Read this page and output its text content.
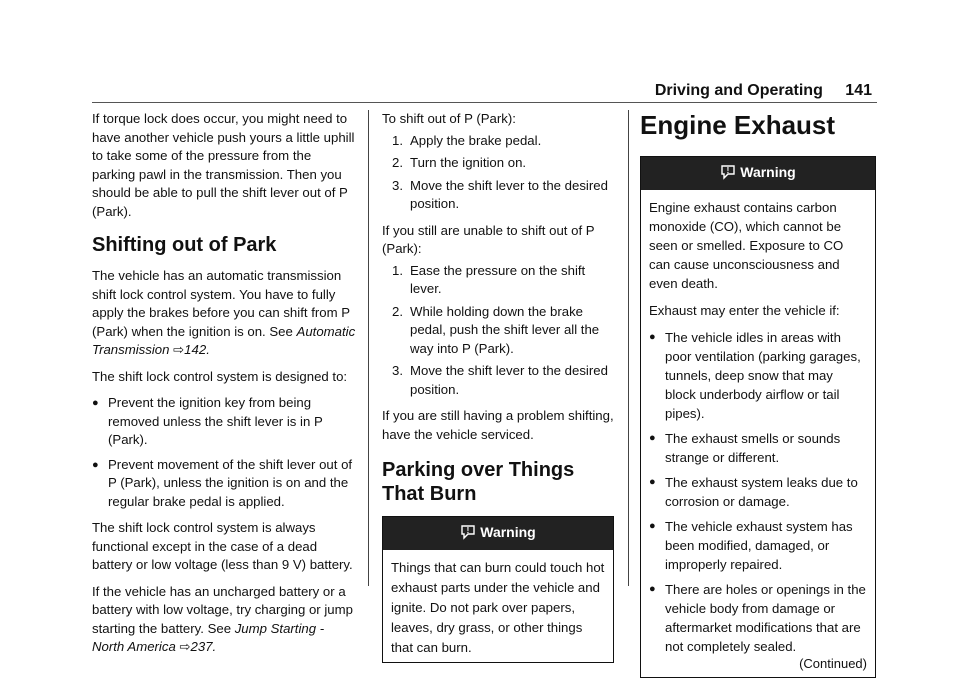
Driving and Operating 141

If torque lock does occur, you might need to have another vehicle push yours a little uphill to take some of the pressure from the parking pawl in the transmission. Then you should be able to pull the shift lever out of P (Park).

Shifting out of Park

The vehicle has an automatic transmission shift lock control system. You have to fully apply the brakes before you can shift from P (Park) when the ignition is on. See Automatic Transmission ⇨142.

The shift lock control system is designed to:

● Prevent the ignition key from being removed unless the shift lever is in P (Park).
● Prevent movement of the shift lever out of P (Park), unless the ignition is on and the regular brake pedal is applied.

The shift lock control system is always functional except in the case of a dead battery or low voltage (less than 9 V) battery.

If the vehicle has an uncharged battery or a battery with low voltage, try charging or jump starting the battery. See Jump Starting - North America ⇨237.

To shift out of P (Park):

1. Apply the brake pedal.
2. Turn the ignition on.
3. Move the shift lever to the desired position.

If you still are unable to shift out of P (Park):

1. Ease the pressure on the shift lever.
2. While holding down the brake pedal, push the shift lever all the way into P (Park).
3. Move the shift lever to the desired position.

If you are still having a problem shifting, have the vehicle serviced.

Parking over Things That Burn
! Warning
Things that can burn could touch hot exhaust parts under the vehicle and ignite. Do not park over papers, leaves, dry grass, or other things that can burn.
Engine Exhaust
! Warning

Engine exhaust contains carbon monoxide (CO), which cannot be seen or smelled. Exposure to CO can cause unconsciousness and even death.

Exhaust may enter the vehicle if:

● The vehicle idles in areas with poor ventilation (parking garages, tunnels, deep snow that may block underbody airflow or tail pipes).
● The exhaust smells or sounds strange or different.
● The exhaust system leaks due to corrosion or damage.
● The vehicle exhaust system has been modified, damaged, or improperly repaired.
● There are holes or openings in the vehicle body from damage or aftermarket modifications that are not completely sealed.
(Continued)
